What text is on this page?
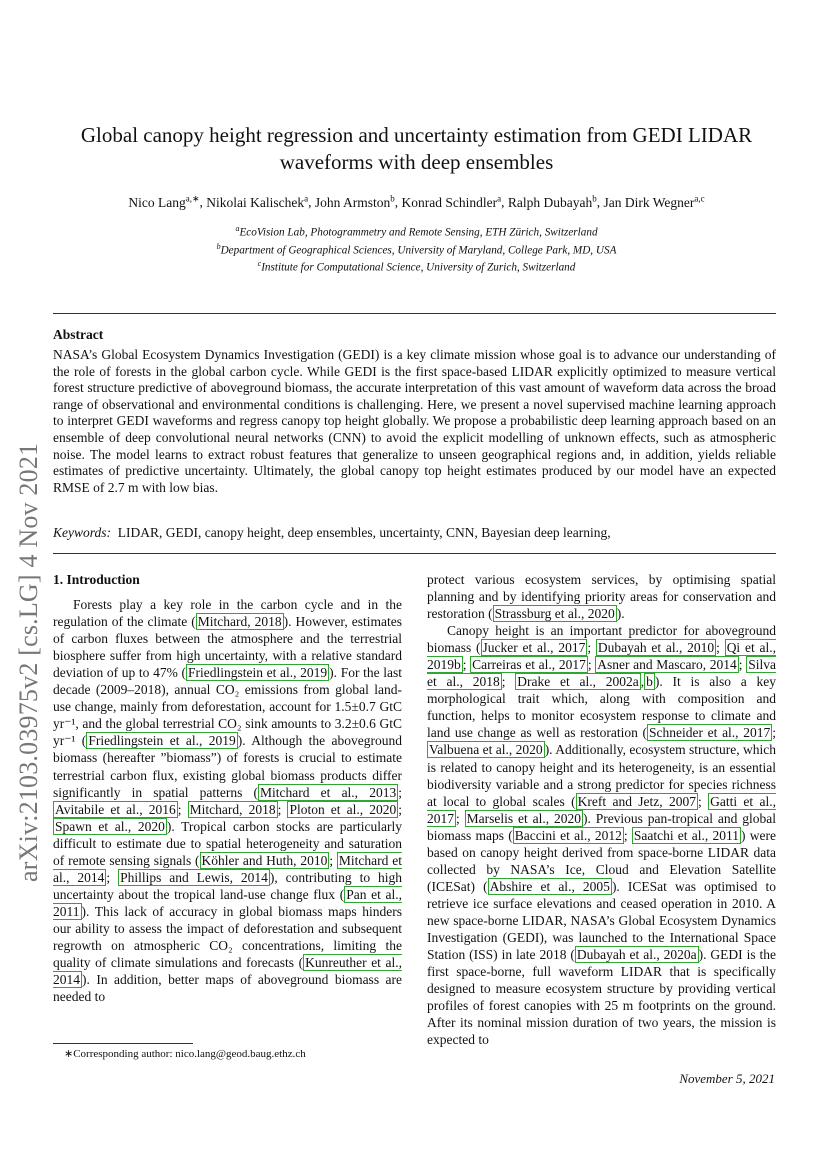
arXiv:2103.03975v2 [cs.LG] 4 Nov 2021
Global canopy height regression and uncertainty estimation from GEDI LIDAR waveforms with deep ensembles
Nico Lang$^{a,∗}$, Nikolai Kalischek$^a$, John Armston$^b$, Konrad Schindler$^a$, Ralph Dubayah$^b$, Jan Dirk Wegner$^{a,c}$
$^a$EcoVision Lab, Photogrammetry and Remote Sensing, ETH Zürich, Switzerland
$^b$Department of Geographical Sciences, University of Maryland, College Park, MD, USA
$^c$Institute for Computational Science, University of Zurich, Switzerland
Abstract
NASA’s Global Ecosystem Dynamics Investigation (GEDI) is a key climate mission whose goal is to advance our understanding of the role of forests in the global carbon cycle. While GEDI is the first space-based LIDAR explicitly optimized to measure vertical forest structure predictive of aboveground biomass, the accurate interpretation of this vast amount of waveform data across the broad range of observational and environmental conditions is challenging. Here, we present a novel supervised machine learning approach to interpret GEDI waveforms and regress canopy top height globally. We propose a probabilistic deep learning approach based on an ensemble of deep convolutional neural networks (CNN) to avoid the explicit modelling of unknown effects, such as atmospheric noise. The model learns to extract robust features that generalize to unseen geographical regions and, in addition, yields reliable estimates of predictive uncertainty. Ultimately, the global canopy top height estimates produced by our model have an expected RMSE of 2.7 m with low bias.
Keywords: LIDAR, GEDI, canopy height, deep ensembles, uncertainty, CNN, Bayesian deep learning,

1. Introduction

Forests play a key role in the carbon cycle and in the regulation of the climate ( Mitchard, 2018 ). However, estimates of carbon fluxes between the atmosphere and the terrestrial biosphere suffer from high uncertainty, with a relative standard deviation of up to 47% ( Friedlingstein et al., 2019 ). For the last decade (2009–2018), annual CO₂ emissions from global land-use change, mainly from deforestation, account for 1.5±0.7 GtC yr⁻¹, and the global terrestrial CO₂ sink amounts to 3.2±0.6 GtC yr⁻¹ ( Friedlingstein et al., 2019 ). Although the aboveground biomass (hereafter ”biomass”) of forests is crucial to estimate terrestrial carbon flux, existing global biomass products differ significantly in spatial patterns ( Mitchard et al., 2013 ; Avitabile et al., 2016 ; Mitchard, 2018 ; Ploton et al., 2020 ; Spawn et al., 2020 ). Tropical carbon stocks are particularly difficult to estimate due to spatial heterogeneity and saturation of remote sensing signals ( Köhler and Huth, 2010 ; Mitchard et al., 2014 ; Phillips and Lewis, 2014 ), contributing to high uncertainty about the tropical land-use change flux ( Pan et al., 2011 ). This lack of accuracy in global biomass maps hinders our ability to assess the impact of deforestation and subsequent regrowth on atmospheric CO₂ concentrations, limiting the quality of climate simulations and forecasts ( Kunreuther et al., 2014 ). In addition, better maps of aboveground biomass are needed to

protect various ecosystem services, by optimising spatial planning and by identifying priority areas for conservation and restoration ( Strassburg et al., 2020 ).

Canopy height is an important predictor for aboveground biomass ( Jucker et al., 2017 ; Dubayah et al., 2010 ; Qi et al., 2019b ; Carreiras et al., 2017 ; Asner and Mascaro, 2014 ; Silva et al., 2018 ; Drake et al., 2002a , b ). It is also a key morphological trait which, along with composition and function, helps to monitor ecosystem response to climate and land use change as well as restoration ( Schneider et al., 2017 ; Valbuena et al., 2020 ). Additionally, ecosystem structure, which is related to canopy height and its heterogeneity, is an essential biodiversity variable and a strong predictor for species richness at local to global scales ( Kreft and Jetz, 2007 ; Gatti et al., 2017 ; Marselis et al., 2020 ). Previous pan-tropical and global biomass maps ( Baccini et al., 2012 ; Saatchi et al., 2011 ) were based on canopy height derived from space-borne LIDAR data collected by NASA’s Ice, Cloud and Elevation Satellite (ICESat) ( Abshire et al., 2005 ). ICESat was optimised to retrieve ice surface elevations and ceased operation in 2010. A new space-borne LIDAR, NASA’s Global Ecosystem Dynamics Investigation (GEDI), was launched to the International Space Station (ISS) in late 2018 ( Dubayah et al., 2020a ). GEDI is the first space-borne, full waveform LIDAR that is specifically designed to measure ecosystem structure by providing vertical profiles of forest canopies with 25 m footprints on the ground. After its nominal mission duration of two years, the mission is expected to

∗Corresponding author: nico.lang@geod.baug.ethz.ch
November 5, 2021
